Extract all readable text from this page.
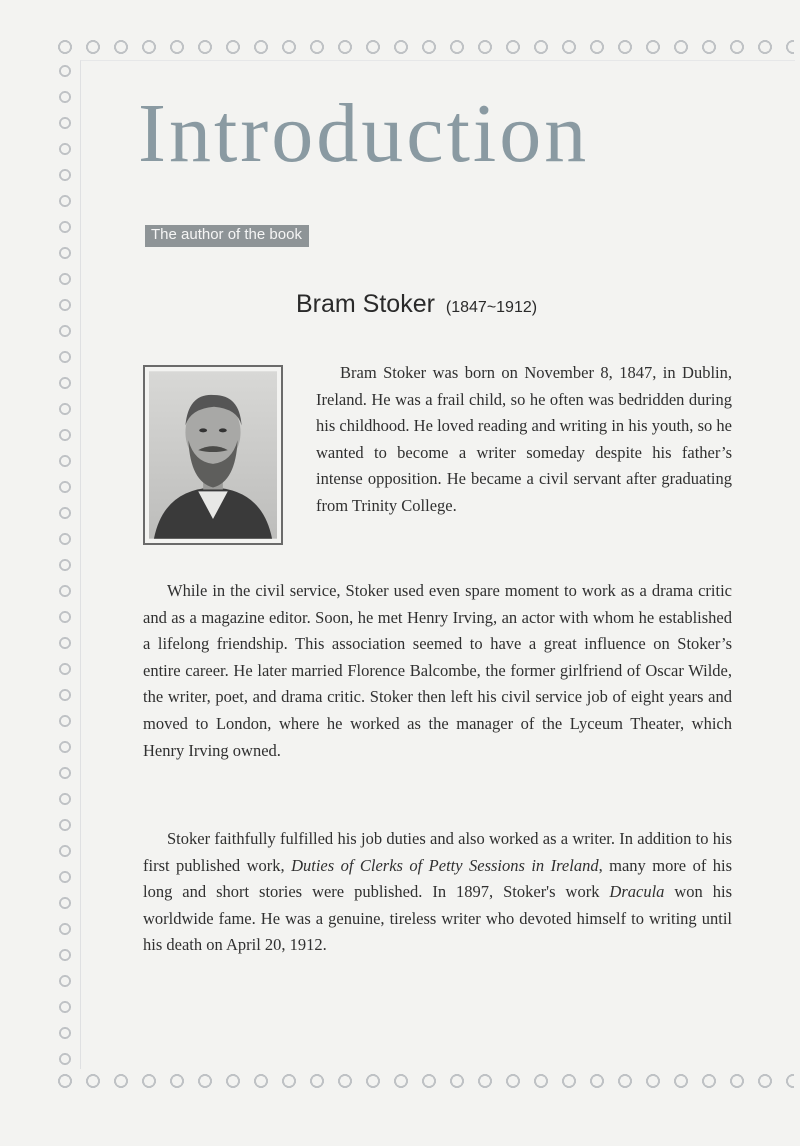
Introduction
The author of the book
Bram Stoker (1847~1912)

Bram Stoker was born on November 8, 1847, in Dublin, Ireland. He was a frail child, so he often was bedridden during his childhood. He loved reading and writing in his youth, so he wanted to become a writer someday despite his father’s intense opposition. He became a civil servant after graduating from Trinity College.

While in the civil service, Stoker used even spare moment to work as a drama critic and as a magazine editor. Soon, he met Henry Irving, an actor with whom he established a lifelong friendship. This association seemed to have a great influence on Stoker’s entire career. He later married Florence Balcombe, the former girlfriend of Oscar Wilde, the writer, poet, and drama critic. Stoker then left his civil service job of eight years and moved to London, where he worked as the manager of the Lyceum Theater, which Henry Irving owned.

Stoker faithfully fulfilled his job duties and also worked as a writer. In addition to his first published work, Duties of Clerks of Petty Sessions in Ireland, many more of his long and short stories were published. In 1897, Stoker's work Dracula won his worldwide fame. He was a genuine, tireless writer who devoted himself to writing until his death on April 20, 1912.
